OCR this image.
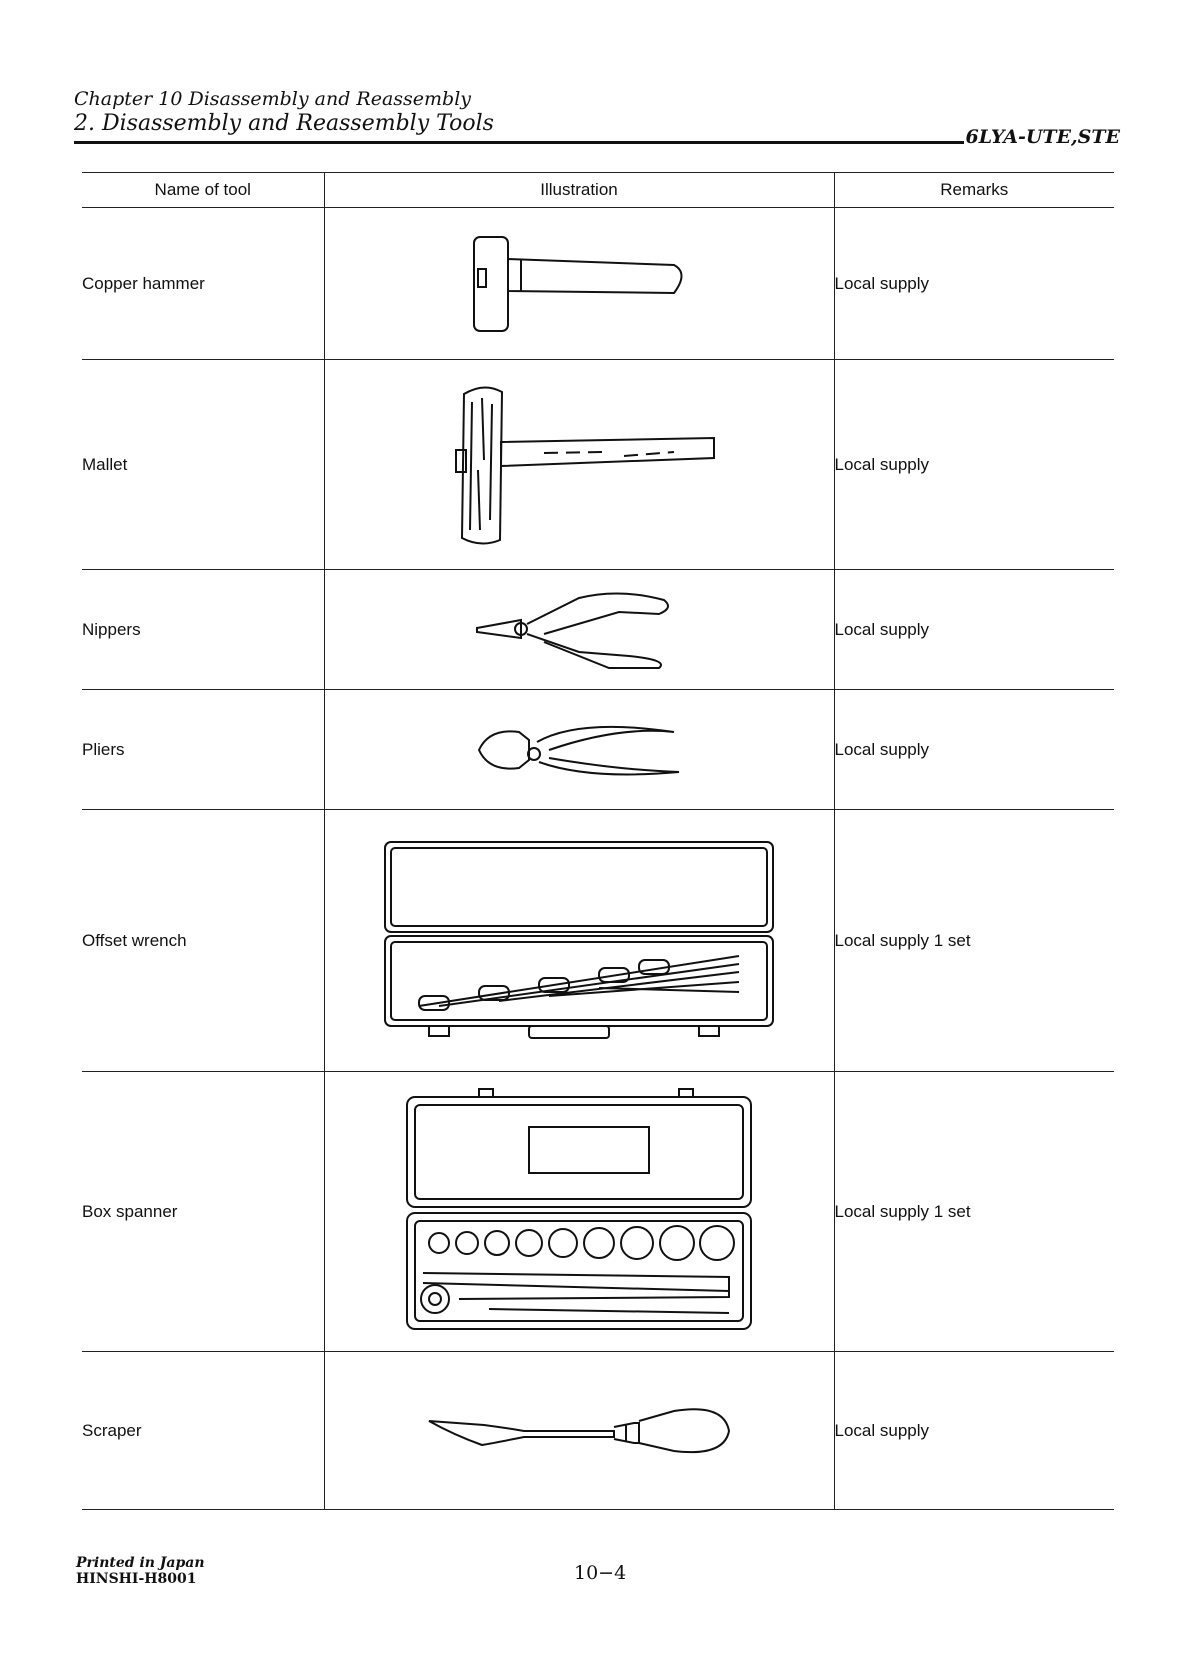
Chapter 10 Disassembly and Reassembly
2. Disassembly and Reassembly Tools
6LYA-UTE,STE
Name of tool	Illustration	Remarks
Copper hammer		Local supply
Mallet		Local supply
Nippers		Local supply
Pliers		Local supply
Offset wrench		Local supply 1 set
Box spanner		Local supply 1 set
Scraper		Local supply
Printed in Japan
HINSHI-H8001	10−4
